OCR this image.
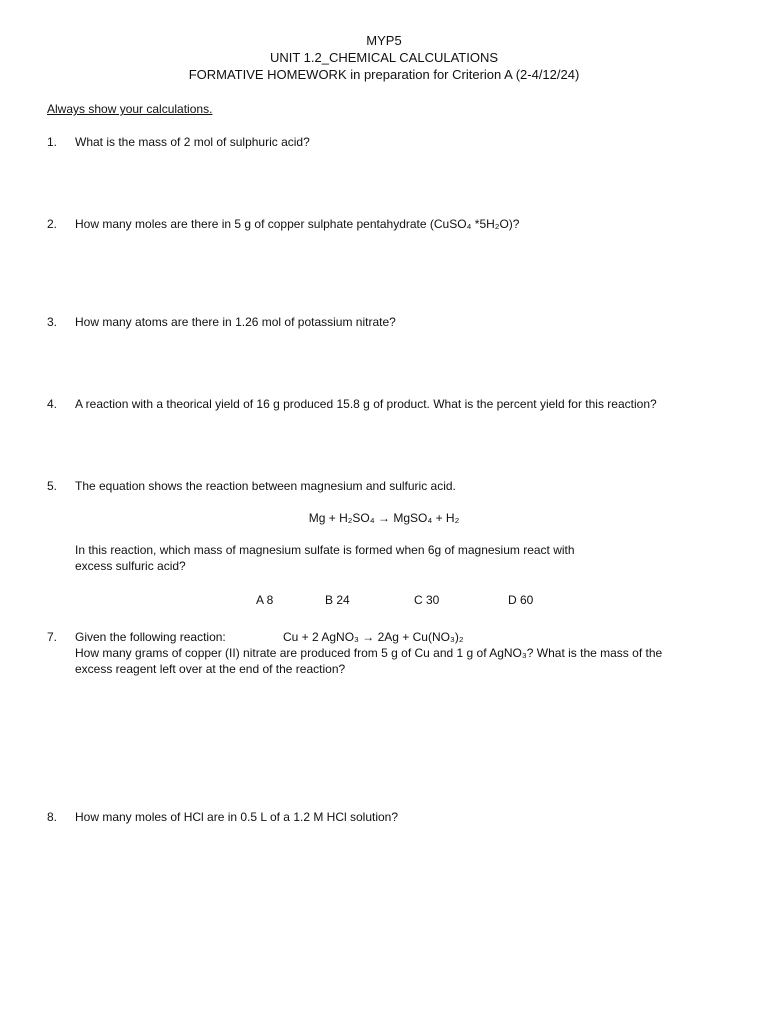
MYP5
UNIT 1.2_CHEMICAL CALCULATIONS
FORMATIVE HOMEWORK in preparation for Criterion A (2-4/12/24)
Always show your calculations.
1. What is the mass of 2 mol of sulphuric acid?
2. How many moles are there in 5 g of copper sulphate pentahydrate (CuSO₄ *5H₂O)?
3. How many atoms are there in 1.26 mol of potassium nitrate?
4. A reaction with a theorical yield of 16 g produced 15.8 g of product. What is the percent yield for this reaction?
5. The equation shows the reaction between magnesium and sulfuric acid.
Mg + H₂SO₄ → MgSO₄ + H₂
In this reaction, which mass of magnesium sulfate is formed when 6g of magnesium react with
excess sulfuric acid?
A 8	B 24	C 30	D 60
7. Given the following reaction:	Cu + 2 AgNO₃ → 2Ag + Cu(NO₃)₂
How many grams of copper (II) nitrate are produced from 5 g of Cu and 1 g of AgNO₃? What is the mass of the
excess reagent left over at the end of the reaction?
8. How many moles of HCl are in 0.5 L of a 1.2 M HCl solution?
